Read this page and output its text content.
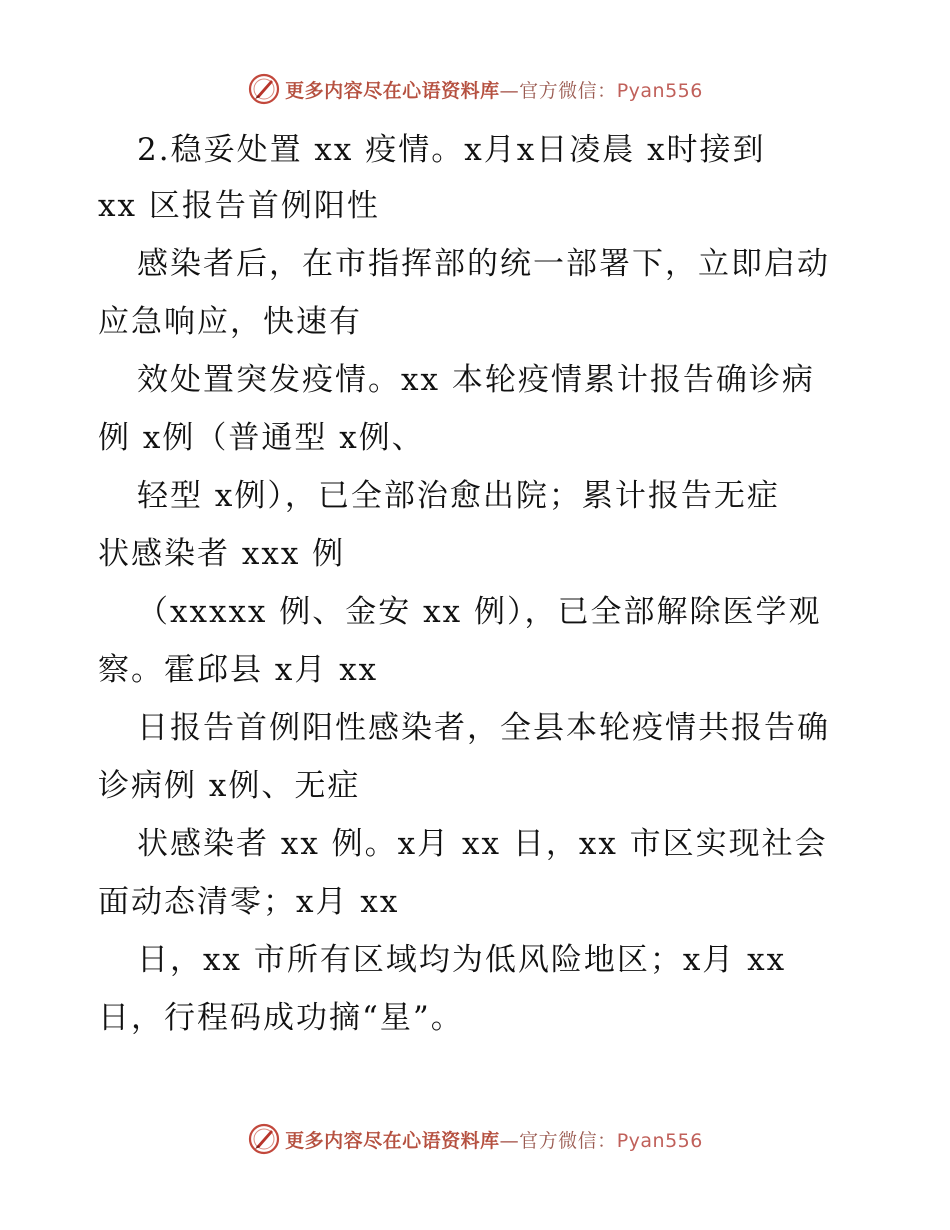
更多内容尽在心语资料库—官方微信：Pyan556
2.稳妥处置 xx 疫情。x月x日凌晨 x时接到
xx 区报告首例阳性
感染者后，在市指挥部的统一部署下，立即启动
应急响应，快速有
效处置突发疫情。xx 本轮疫情累计报告确诊病
例 x例（普通型 x例、
轻型 x例），已全部治愈出院；累计报告无症
状感染者 xxx 例
（xxxxx 例、金安 xx 例），已全部解除医学观
察。霍邱县 x月 xx
日报告首例阳性感染者，全县本轮疫情共报告确
诊病例 x例、无症
状感染者 xx 例。x月 xx 日，xx 市区实现社会
面动态清零；x月 xx
日，xx 市所有区域均为低风险地区；x月 xx
日，行程码成功摘“星”。
更多内容尽在心语资料库—官方微信：Pyan556
